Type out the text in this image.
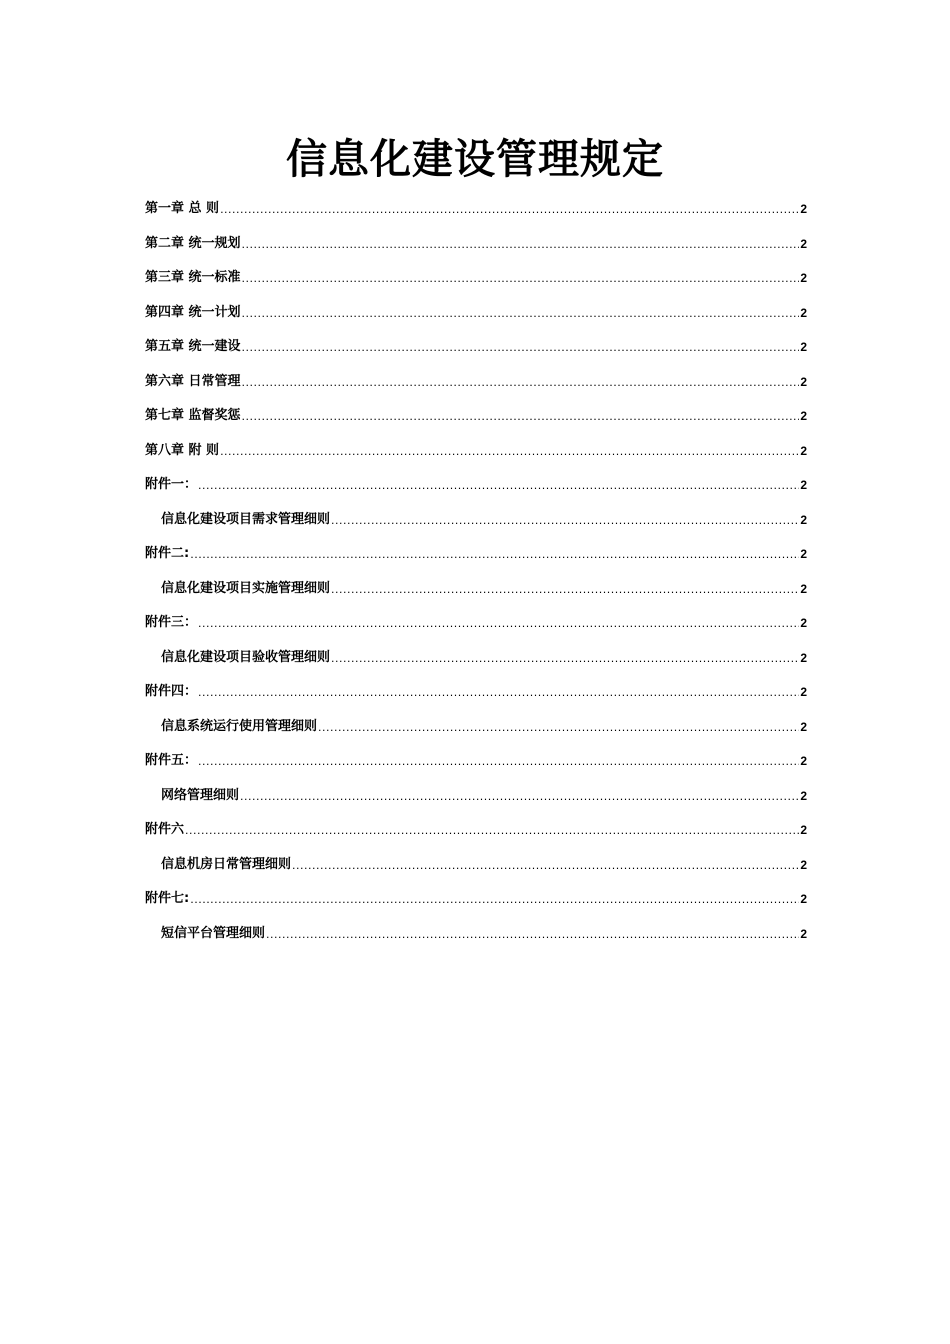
信息化建设管理规定
第一章 总 则 .....	2
第二章 统一规划 .....	2
第三章 统一标准 .....	2
第四章 统一计划 .....	2
第五章 统一建设 .....	2
第六章 日常管理 .....	2
第七章 监督奖惩 .....	2
第八章 附 则 .....	2
附件一： .....	2
信息化建设项目需求管理细则 .....	2
附件二: .....	2
信息化建设项目实施管理细则 .....	2
附件三： .....	2
信息化建设项目验收管理细则 .....	2
附件四： .....	2
信息系统运行使用管理细则 .....	2
附件五： .....	2
网络管理细则 .....	2
附件六 .....	2
信息机房日常管理细则 .....	2
附件七: .....	2
短信平台管理细则 .....	2
